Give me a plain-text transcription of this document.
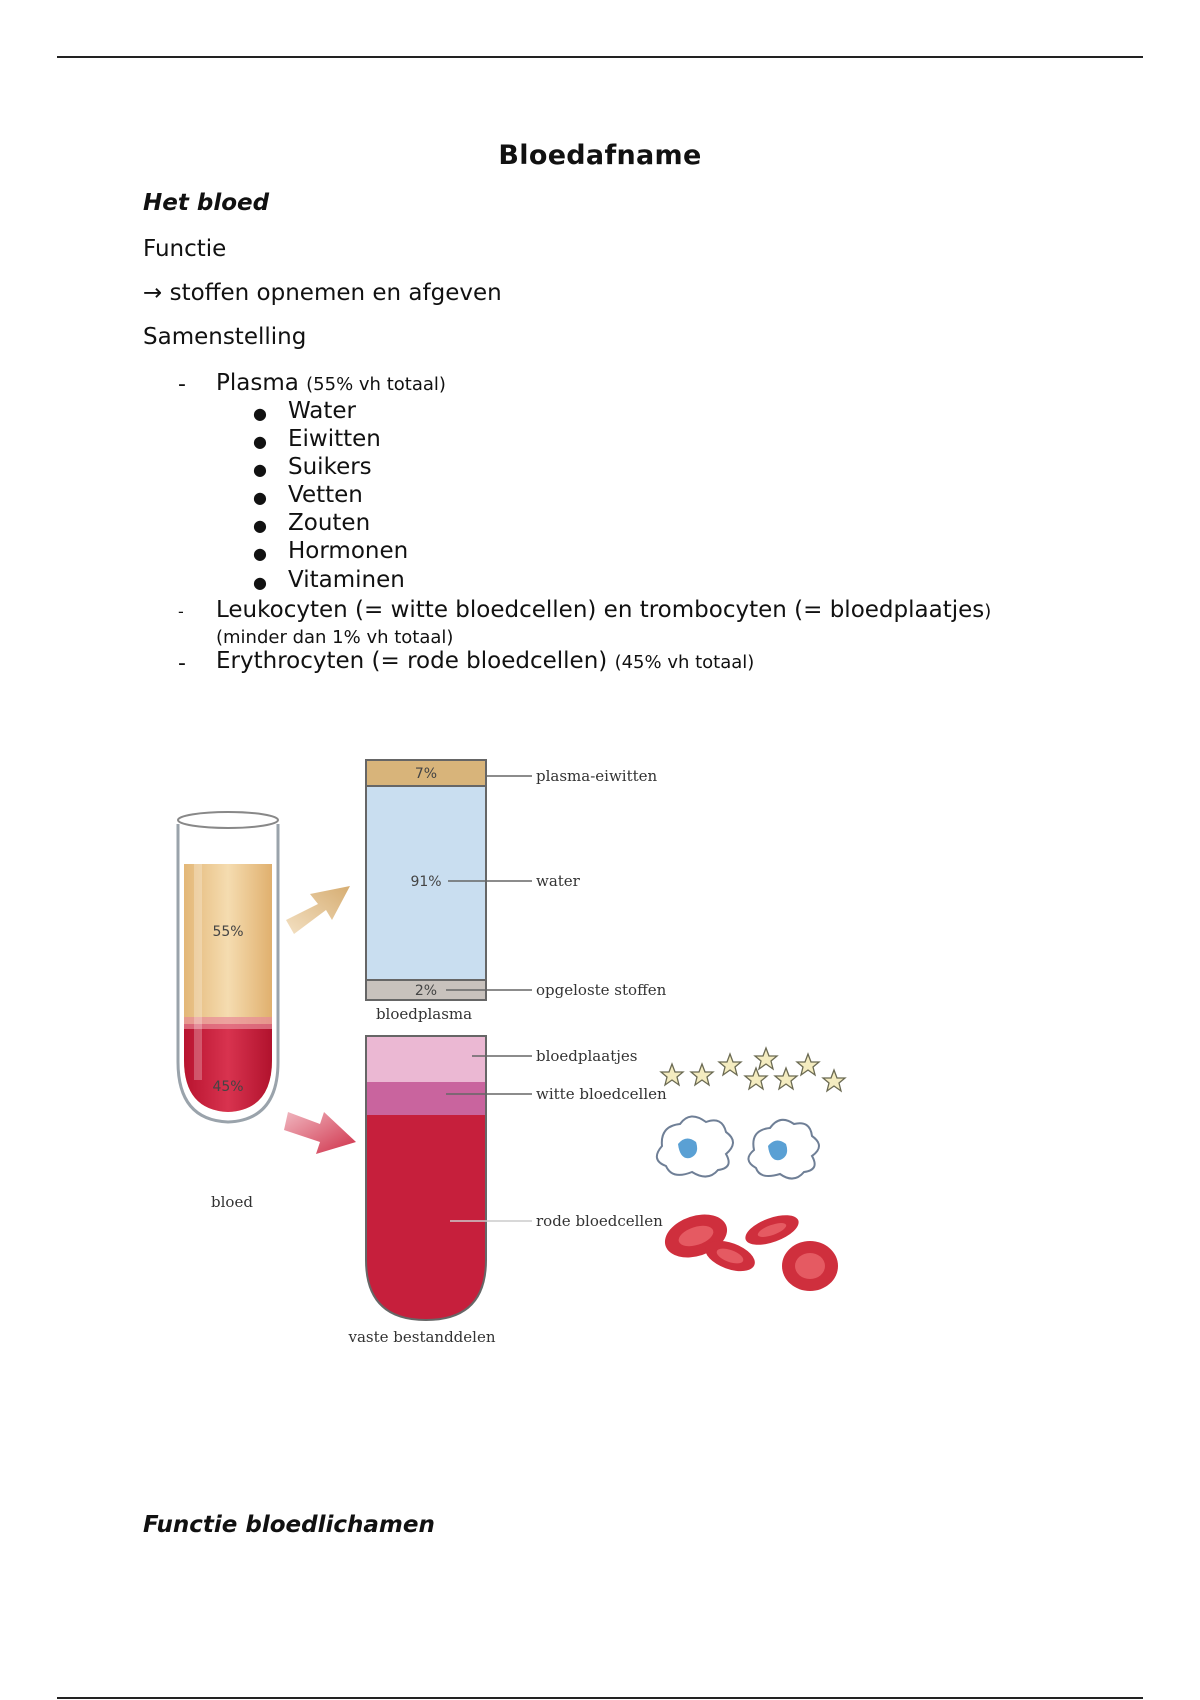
Bloedafname
Het bloed
Functie
→ stoffen opnemen en afgeven
Samenstelling
- Plasma (55% vh totaal)
● Water
● Eiwitten
● Suikers
● Vetten
● Zouten
● Hormonen
● Vitaminen
- Leukocyten (= witte bloedcellen) en trombocyten (= bloedplaatjes)
(minder dan 1% vh totaal)
- Erythrocyten (= rode bloedcellen) (45% vh totaal)
55%
45%
bloed
7%
91%
2%
plasma-eiwitten
water
opgeloste stoffen
bloedplasma
bloedplaatjes
witte bloedcellen
rode bloedcellen
vaste bestanddelen
Functie bloedlichamen
